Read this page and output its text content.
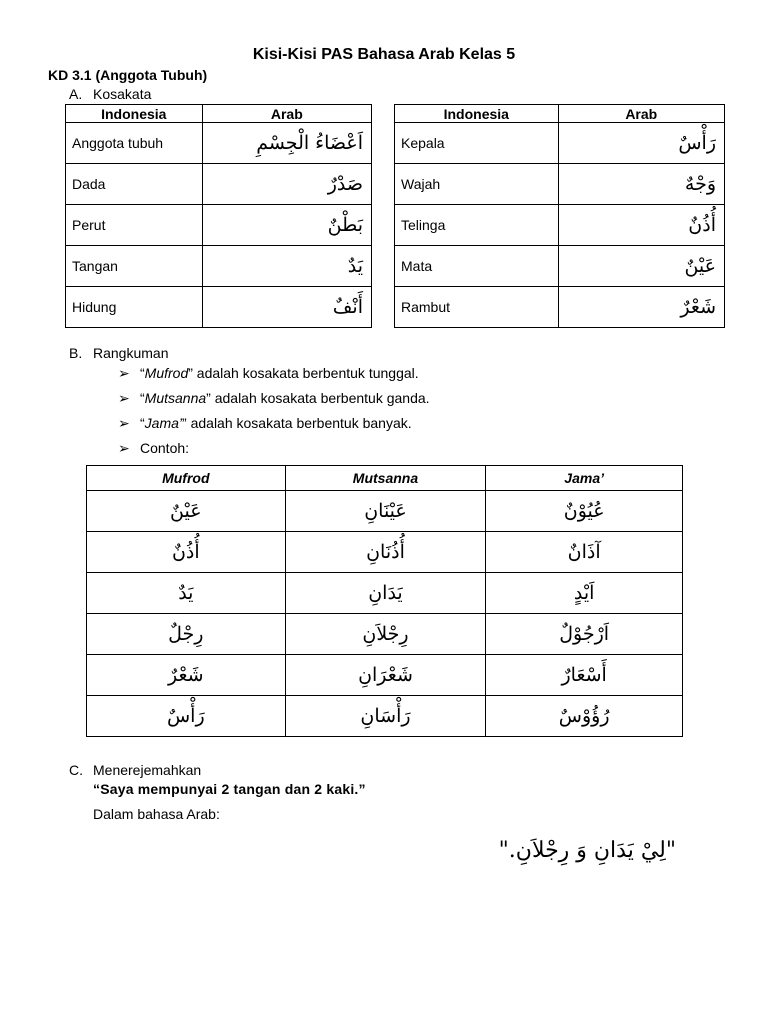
Kisi-Kisi PAS Bahasa Arab Kelas 5
KD 3.1 (Anggota Tubuh)
A. Kosakata
Indonesia	Arab
Anggota tubuh	اَعْضَاءُ الْجِسْمِ
Dada	صَدْرٌ
Perut	بَطْنٌ
Tangan	يَدٌ
Hidung	أَنْفٌ
Indonesia	Arab
Kepala	رَأْسٌ
Wajah	وَجْهٌ
Telinga	أُذُنٌ
Mata	عَيْنٌ
Rambut	شَعْرٌ
B. Rangkuman
➢ “Mufrod” adalah kosakata berbentuk tunggal.
➢ “Mutsanna” adalah kosakata berbentuk ganda.
➢ “Jama’” adalah kosakata berbentuk banyak.
➢ Contoh:
Mufrod	Mutsanna	Jama’
عَيْنٌ	عَيْنَانِ	عُيُوْنٌ
أُذُنٌ	أُذُنَانِ	آذَانٌ
يَدٌ	يَدَانِ	اَيْدٍ
رِجْلٌ	رِجْلاَنِ	اَرْجُوْلٌ
شَعْرٌ	شَعْرَانِ	أَسْعَارٌ
رَأْسٌ	رَأْسَانِ	رُؤُوْسٌ
C. Menerejemahkan
“Saya mempunyai 2 tangan dan 2 kaki.”
Dalam bahasa Arab:
"لِيْ يَدَانِ وَ رِجْلاَنِ."
